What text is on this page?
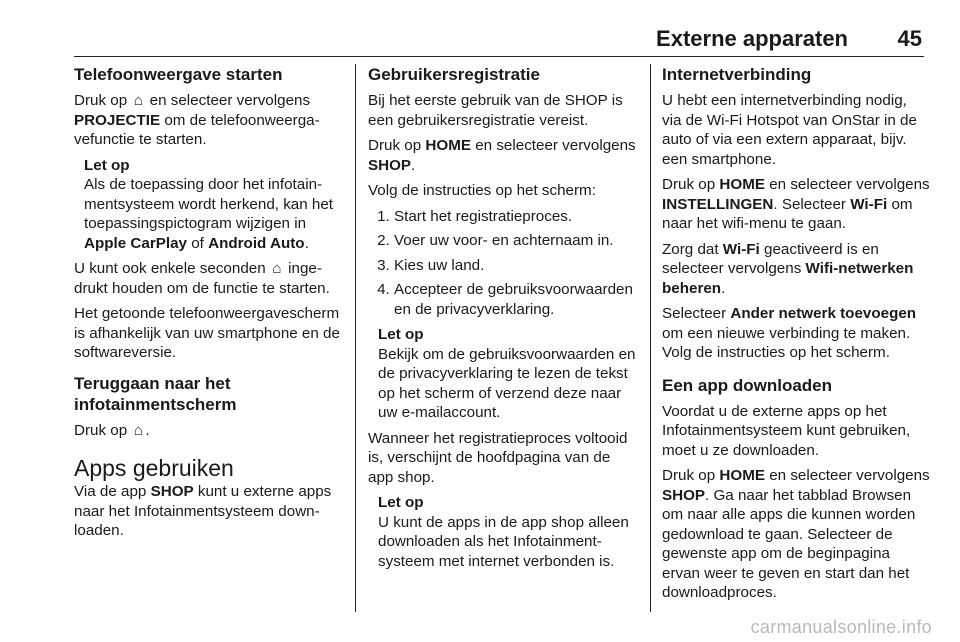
Externe apparaten 45
Telefoonweergave starten

Druk op ⌂ en selecteer vervolgens PROJECTIE om de telefoonweergavefunctie te starten.

Let op
Als de toepassing door het infotainmentsysteem wordt herkend, kan het toepassingspictogram wijzigen in Apple CarPlay of Android Auto.

U kunt ook enkele seconden ⌂ ingedrukt houden om de functie te starten.

Het getoonde telefoonweergavescherm is afhankelijk van uw smartphone en de softwareversie.

Teruggaan naar het infotainmentscherm

Druk op ⌂ .

Apps gebruiken

Via de app SHOP kunt u externe apps naar het Infotainmentsysteem downloaden.

Gebruikersregistratie

Bij het eerste gebruik van de SHOP is een gebruikersregistratie vereist.

Druk op HOME en selecteer vervolgens SHOP.

Volg de instructies op het scherm:

1. Start het registratieproces.
2. Voer uw voor- en achternaam in.
3. Kies uw land.
4. Accepteer de gebruiksvoorwaarden en de privacyverklaring.
Let op
Bekijk om de gebruiksvoorwaarden en de privacyverklaring te lezen de tekst op het scherm of verzend deze naar uw e-mailaccount.

Wanneer het registratieproces voltooid is, verschijnt de hoofdpagina van de app shop.

Let op
U kunt de apps in de app shop alleen downloaden als het Infotainmentsysteem met internet verbonden is.
Internetverbinding

U hebt een internetverbinding nodig, via de Wi-Fi Hotspot van OnStar in de auto of via een extern apparaat, bijv. een smartphone.

Druk op HOME en selecteer vervolgens INSTELLINGEN. Selecteer Wi-Fi om naar het wifi-menu te gaan.

Zorg dat Wi-Fi geactiveerd is en selecteer vervolgens Wifi-netwerken beheren.

Selecteer Ander netwerk toevoegen om een nieuwe verbinding te maken. Volg de instructies op het scherm.

Een app downloaden

Voordat u de externe apps op het Infotainmentsysteem kunt gebruiken, moet u ze downloaden.

Druk op HOME en selecteer vervolgens SHOP. Ga naar het tabblad Browsen om naar alle apps die kunnen worden gedownload te gaan. Selecteer de gewenste app om de beginpagina ervan weer te geven en start dan het downloadproces.

carmanualsonline.info
